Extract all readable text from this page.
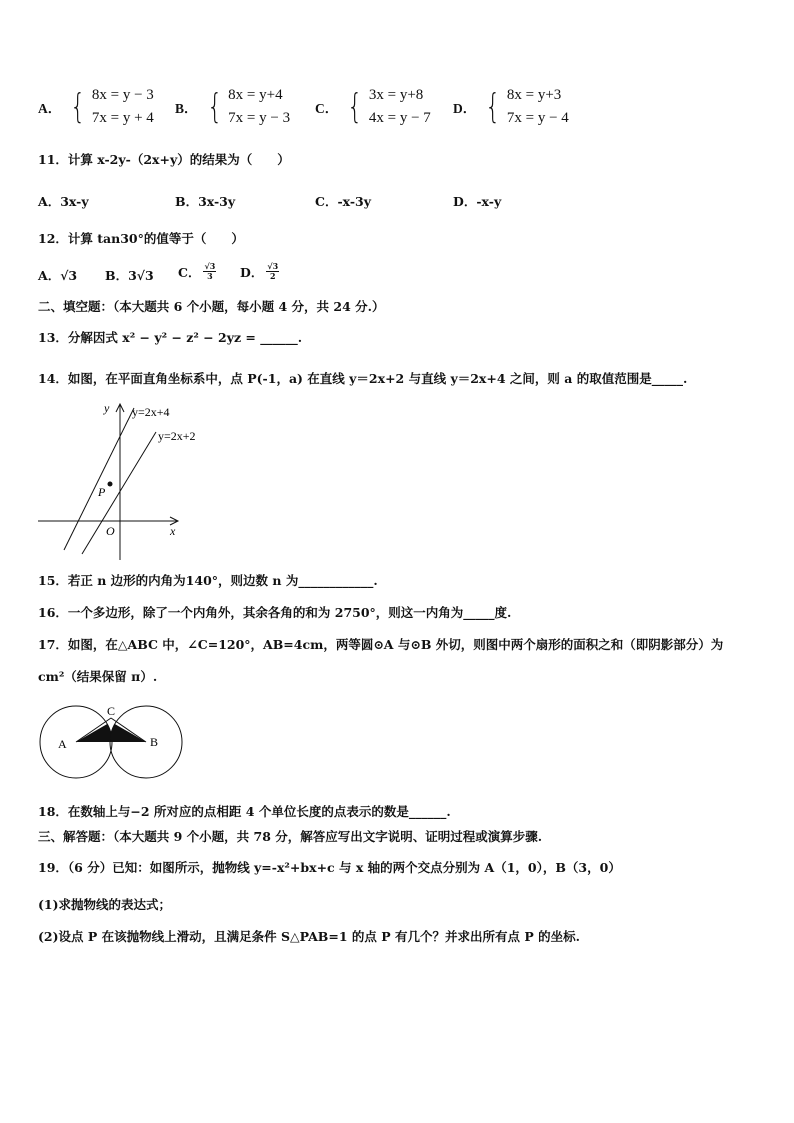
A． { 8x = y − 3
7x = y + 4
B． { 8x = y+4
7x = y − 3
C． { 3x = y+8
4x = y − 7
D． { 8x = y+3
7x = y − 4
11．计算 x-2y-（2x+y）的结果为（　　）
A．3x-y	B．3x-3y	C．-x-3y	D．-x-y
12．计算 tan30°的值等于（　　）
A．√3 B．3√3 C． $\frac{√3}{3}$ D． $\frac{√3}{2}$
二、填空题：（本大题共 6 个小题，每小题 4 分，共 24 分.）
13．分解因式 x² − y² − z² − 2yz = ______.
14．如图，在平面直角坐标系中，点 P(-1，a) 在直线 y＝2x+2 与直线 y＝2x+4 之间，则 a 的取值范围是_____.
y
x
O
P
y=2x+4
y=2x+2
15．若正 n 边形的内角为140°，则边数 n 为____________.
16．一个多边形，除了一个内角外，其余各角的和为 2750°，则这一内角为_____度.
17．如图，在△ABC 中，∠C=120°，AB=4cm，两等圆⊙A 与⊙B 外切，则图中两个扇形的面积之和（即阴影部分）为
cm²（结果保留 π）.
A	B
C
18．在数轴上与−2 所对应的点相距 4 个单位长度的点表示的数是______.
三、解答题：（本大题共 9 个小题，共 78 分，解答应写出文字说明、证明过程或演算步骤.
19．（6 分）已知：如图所示，抛物线 y=-x²+bx+c 与 x 轴的两个交点分别为 A（1，0），B（3，0）
(1)求抛物线的表达式；
(2)设点 P 在该抛物线上滑动，且满足条件 S△PAB=1 的点 P 有几个？并求出所有点 P 的坐标.
